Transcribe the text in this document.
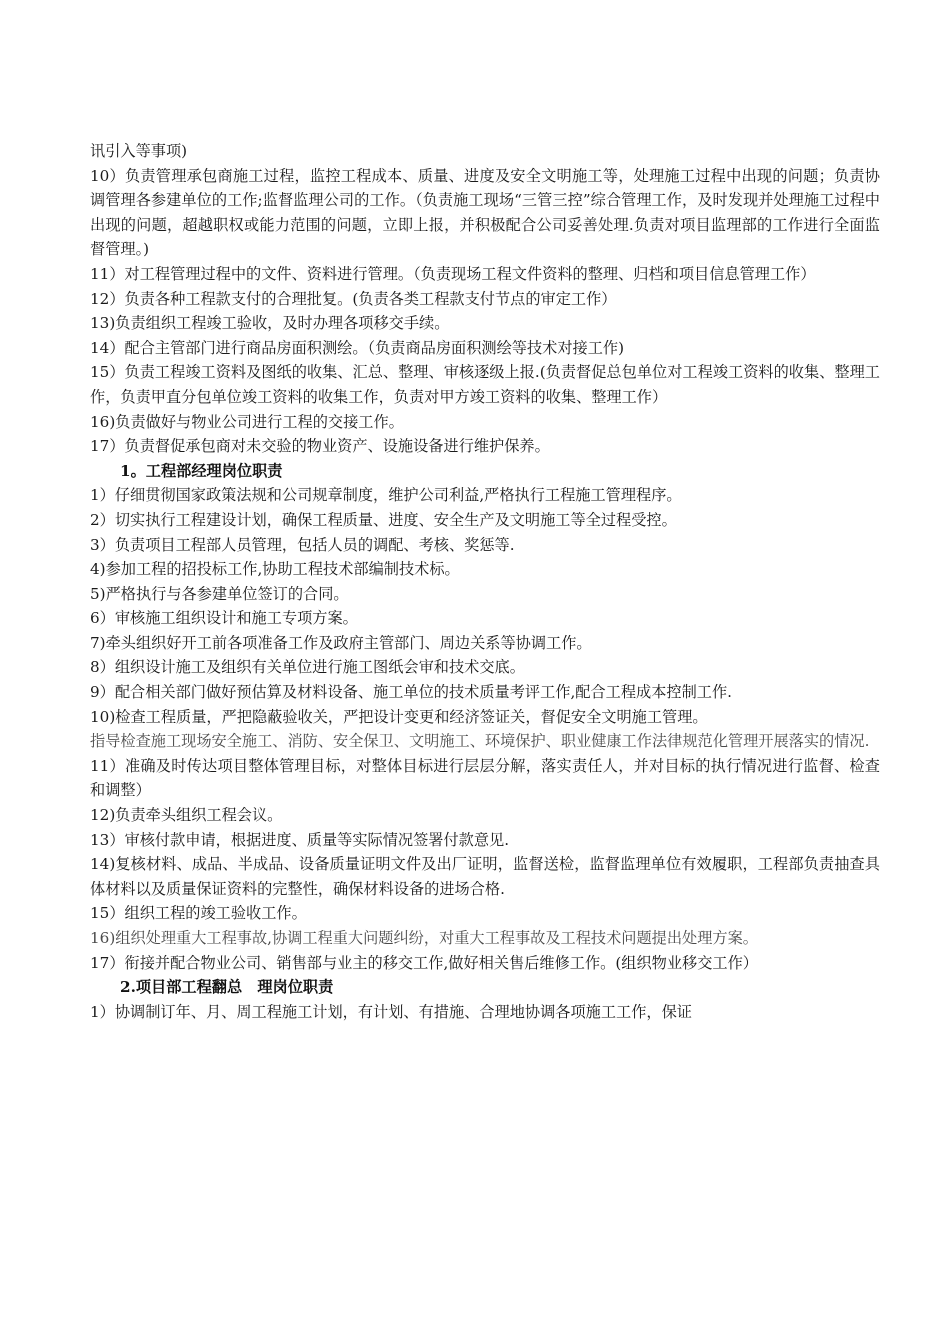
讯引入等事项)

10）负责管理承包商施工过程，监控工程成本、质量、进度及安全文明施工等，处理施工过程中出现的问题；负责协调管理各参建单位的工作;监督监理公司的工作。（负责施工现场“三管三控”综合管理工作，及时发现并处理施工过程中出现的问题，超越职权或能力范围的问题，立即上报，并积极配合公司妥善处理.负责对项目监理部的工作进行全面监督管理。)

11）对工程管理过程中的文件、资料进行管理。（负责现场工程文件资料的整理、归档和项目信息管理工作）

12）负责各种工程款支付的合理批复。(负责各类工程款支付节点的审定工作）

13)负责组织工程竣工验收，及时办理各项移交手续。

14）配合主管部门进行商品房面积测绘。（负责商品房面积测绘等技术对接工作)

15）负责工程竣工资料及图纸的收集、汇总、整理、审核逐级上报.(负责督促总包单位对工程竣工资料的收集、整理工作，负责甲直分包单位竣工资料的收集工作，负责对甲方竣工资料的收集、整理工作）

16)负责做好与物业公司进行工程的交接工作。

17）负责督促承包商对未交验的物业资产、设施设备进行维护保养。

1。工程部经理岗位职责

1）仔细贯彻国家政策法规和公司规章制度，维护公司利益,严格执行工程施工管理程序。

2）切实执行工程建设计划，确保工程质量、进度、安全生产及文明施工等全过程受控。

3）负责项目工程部人员管理，包括人员的调配、考核、奖惩等.

4)参加工程的招投标工作,协助工程技术部编制技术标。

5)严格执行与各参建单位签订的合同。

6）审核施工组织设计和施工专项方案。

7)牵头组织好开工前各项准备工作及政府主管部门、周边关系等协调工作。

8）组织设计施工及组织有关单位进行施工图纸会审和技术交底。

9）配合相关部门做好预估算及材料设备、施工单位的技术质量考评工作,配合工程成本控制工作.

10)检查工程质量，严把隐蔽验收关，严把设计变更和经济签证关，督促安全文明施工管理。

指导检查施工现场安全施工、消防、安全保卫、文明施工、环境保护、职业健康工作法律规范化管理开展落实的情况.

11）准确及时传达项目整体管理目标，对整体目标进行层层分解，落实责任人，并对目标的执行情况进行监督、检查和调整）

12)负责牵头组织工程会议。

13）审核付款申请，根据进度、质量等实际情况签署付款意见.

14)复核材料、成品、半成品、设备质量证明文件及出厂证明，监督送检，监督监理单位有效履职，工程部负责抽查具体材料以及质量保证资料的完整性，确保材料设备的进场合格.

15）组织工程的竣工验收工作。

16)组织处理重大工程事故,协调工程重大问题纠纷，对重大工程事故及工程技术问题提出处理方案。

17）衔接并配合物业公司、销售部与业主的移交工作,做好相关售后维修工作。(组织物业移交工作）

2.项目部工程翻总　理岗位职责

1）协调制订年、月、周工程施工计划，有计划、有措施、合理地协调各项施工工作，保证
